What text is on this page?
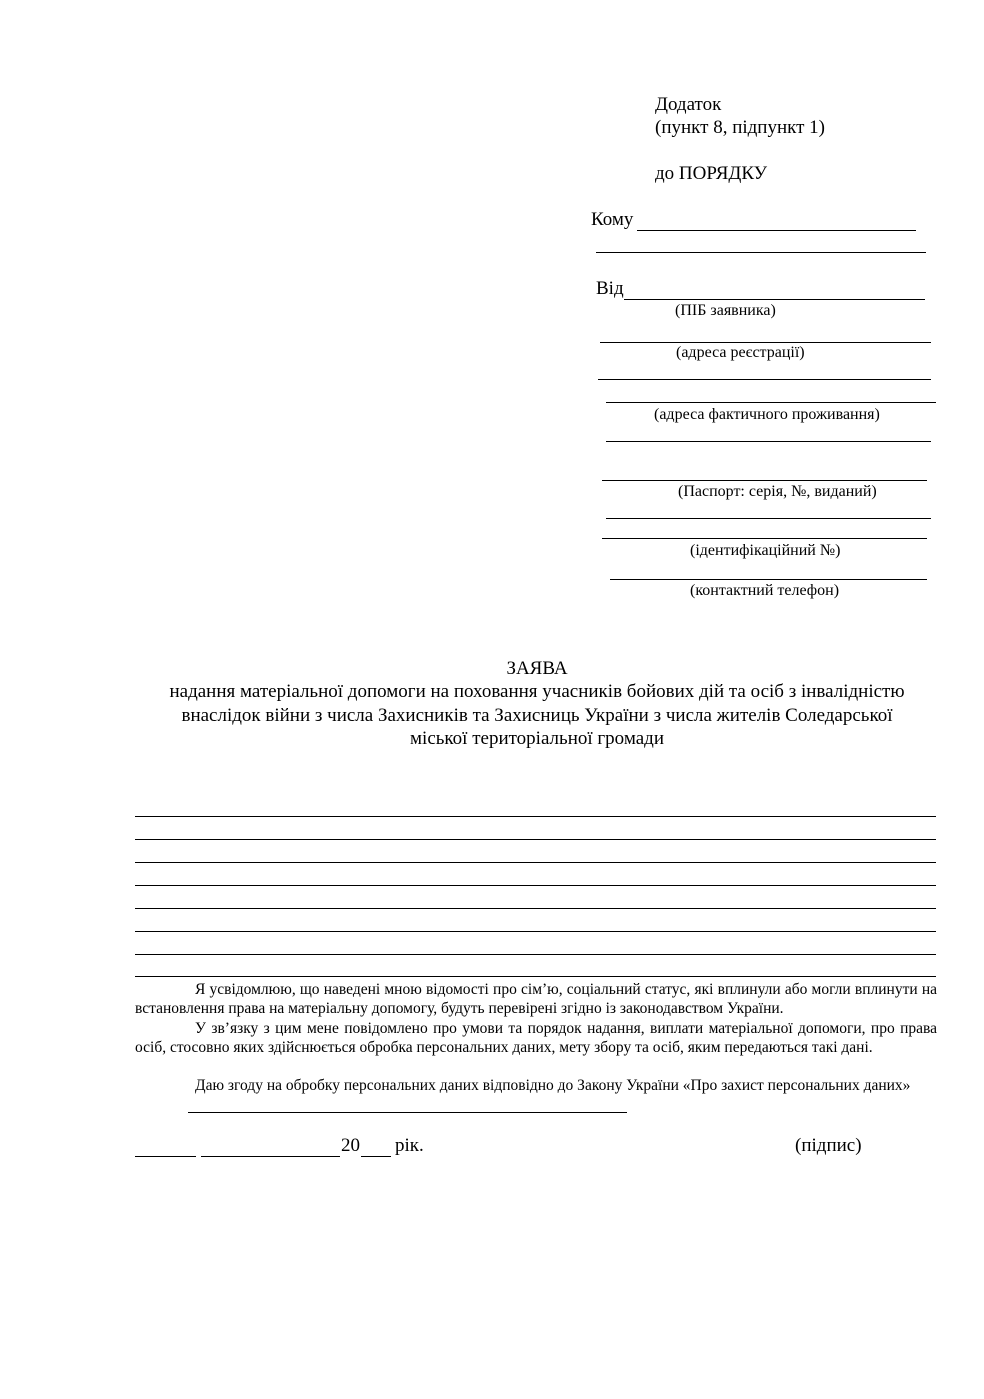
Додаток
(пункт 8, підпункт 1)
до ПОРЯДКУ
Кому
Від
(ПІБ заявника)
(адреса реєстрації)
(адреса фактичного проживання)
(Паспорт: серія, №, виданий)
(ідентифікаційний №)
(контактний телефон)
ЗАЯВА
надання матеріальної допомоги на поховання учасників бойових дій та осіб з інвалідністю
внаслідок війни з числа Захисників та Захисниць України з числа жителів Соледарської
міської територіальної громади
Я усвідомлюю, що наведені мною відомості про сім’ю, соціальний статус, які вплинули або могли вплинути на встановлення права на матеріальну допомогу, будуть перевірені згідно із законодавством України.
У зв’язку з цим мене повідомлено про умови та порядок надання, виплати матеріальної допомоги, про права осіб, стосовно яких здійснюється обробка персональних даних, мету збору та осіб, яким передаються такі дані.
Даю згоду на обробку персональних даних відповідно до Закону України «Про захист персональних даних»
20 рік.	(підпис)
